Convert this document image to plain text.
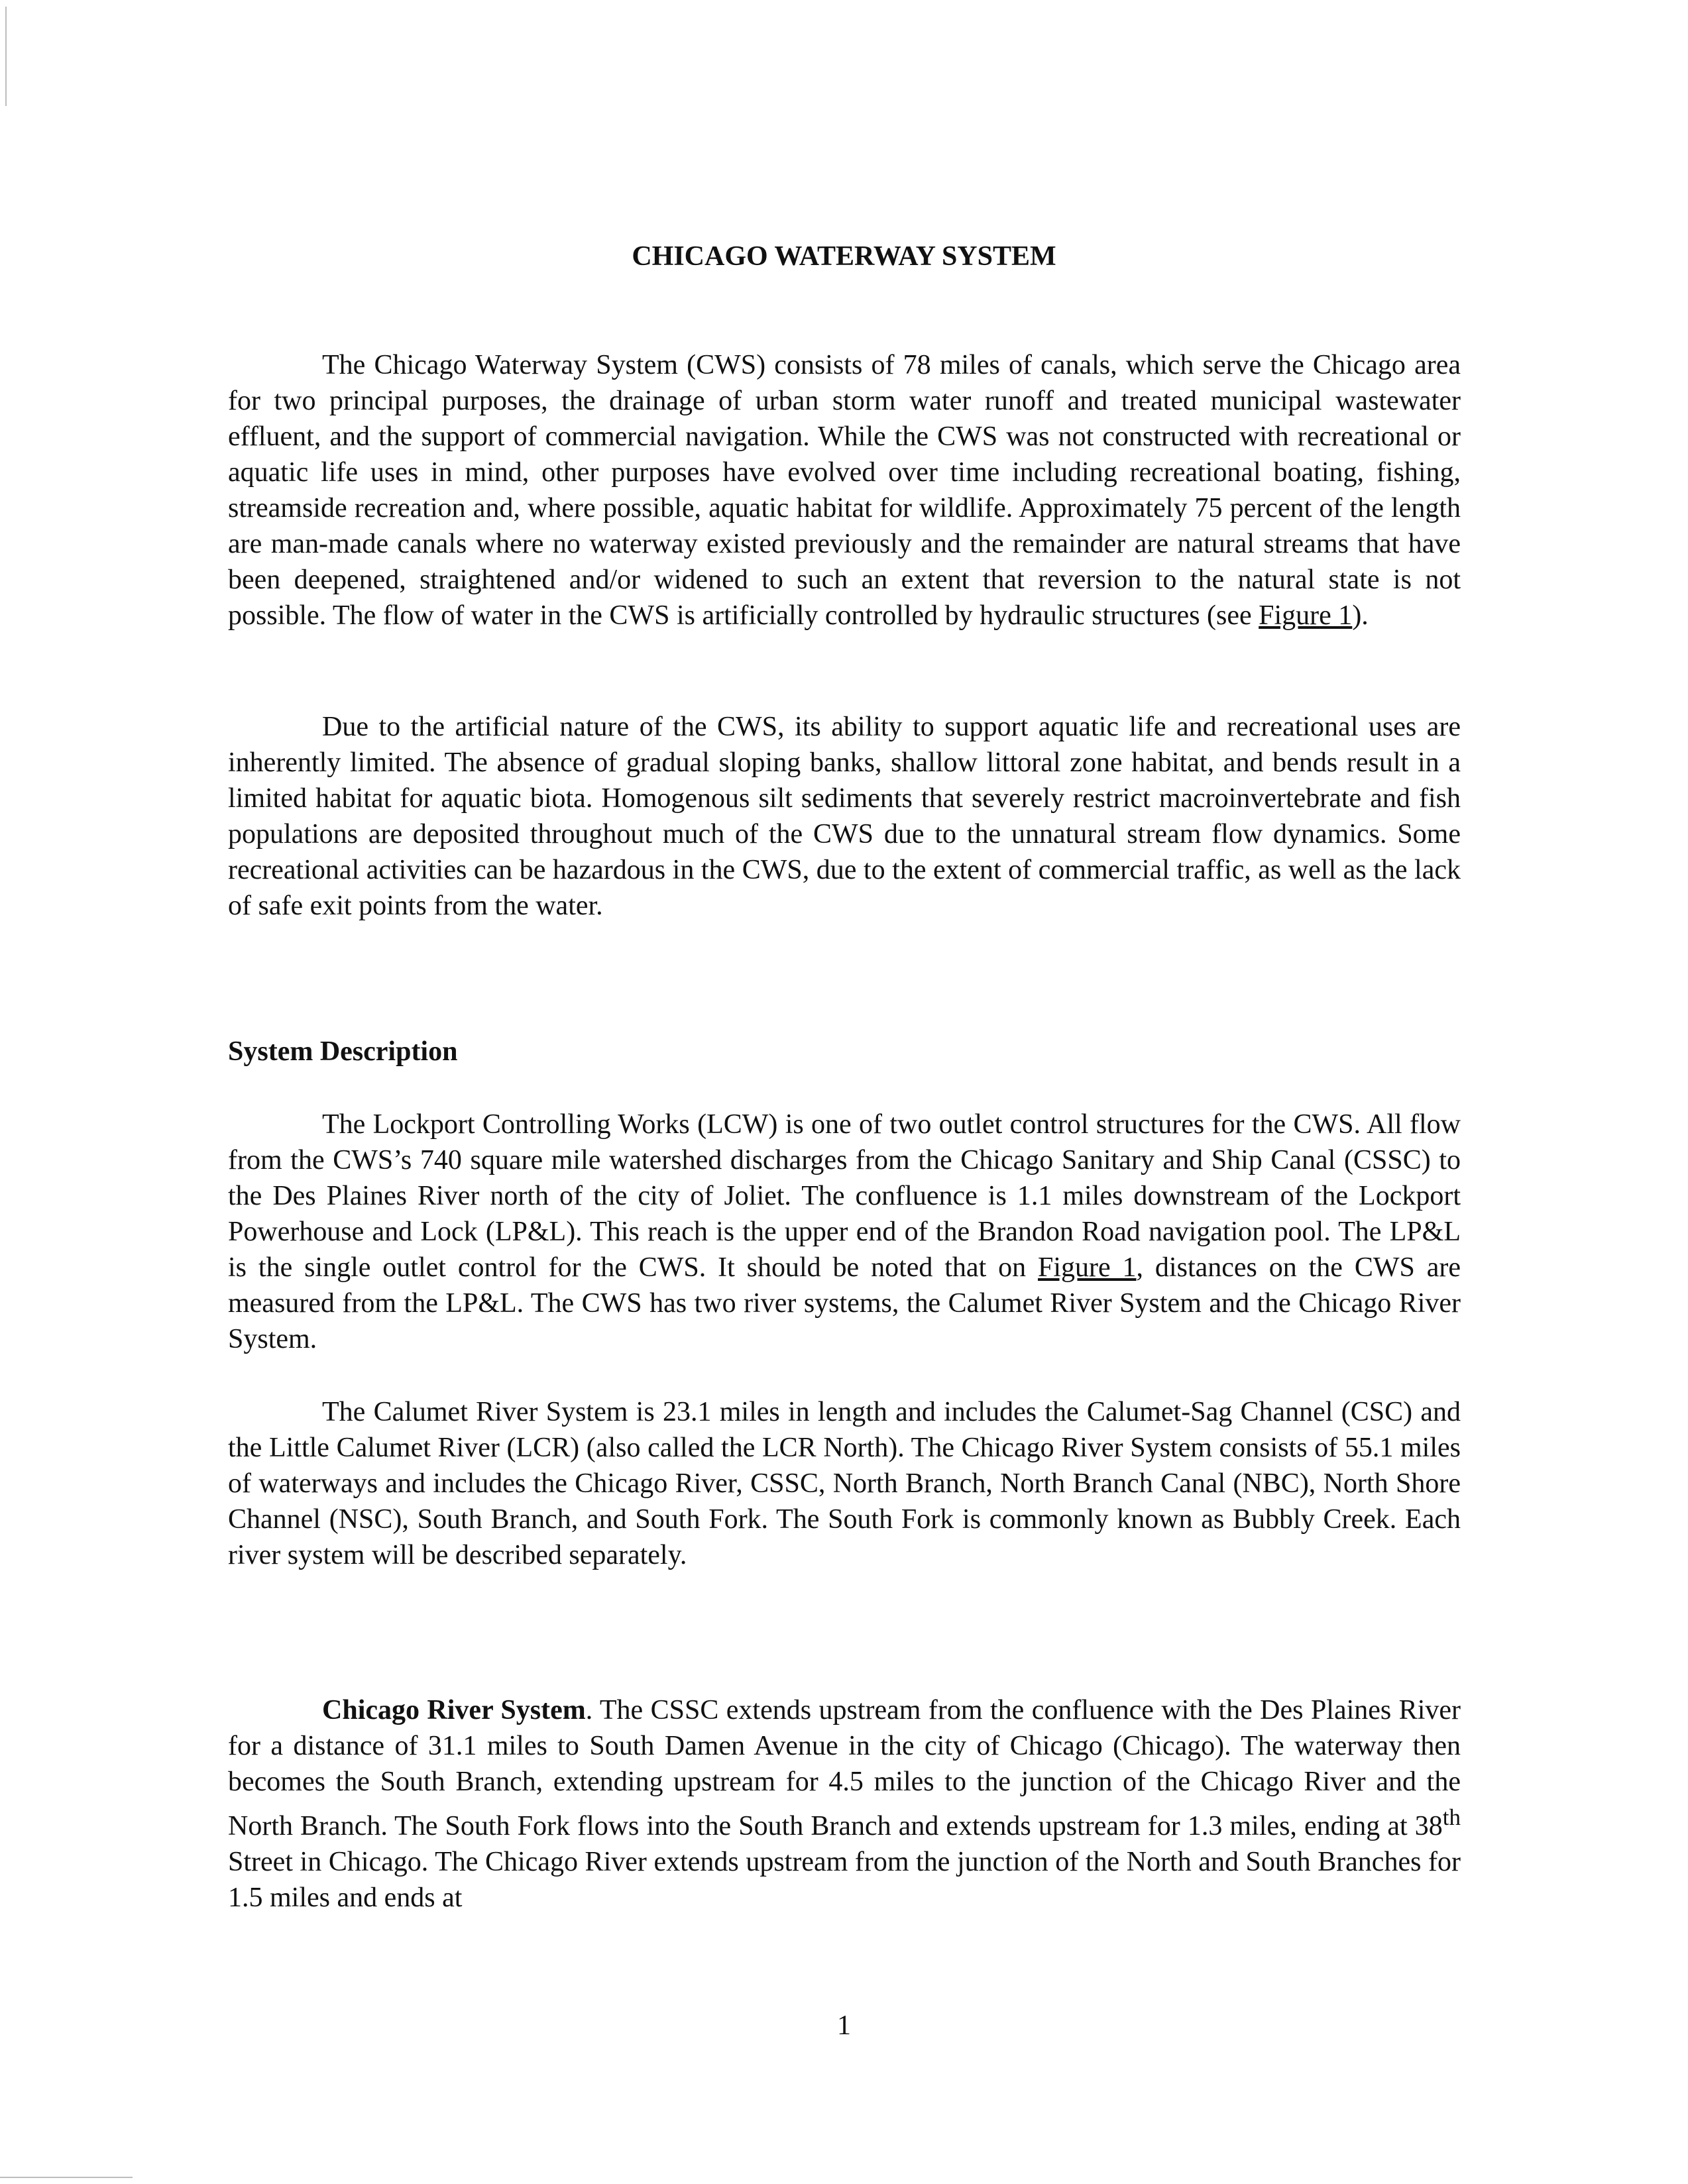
CHICAGO WATERWAY SYSTEM

The Chicago Waterway System (CWS) consists of 78 miles of canals, which serve the Chicago area for two principal purposes, the drainage of urban storm water runoff and treated municipal wastewater effluent, and the support of commercial navigation. While the CWS was not constructed with recreational or aquatic life uses in mind, other purposes have evolved over time including recreational boating, fishing, streamside recreation and, where possible, aquatic habitat for wildlife. Approximately 75 percent of the length are man-made canals where no waterway existed previously and the remainder are natural streams that have been deepened, straightened and/or widened to such an extent that reversion to the natural state is not possible. The flow of water in the CWS is artificially controlled by hydraulic structures (see Figure 1).

Due to the artificial nature of the CWS, its ability to support aquatic life and recreational uses are inherently limited. The absence of gradual sloping banks, shallow littoral zone habitat, and bends result in a limited habitat for aquatic biota. Homogenous silt sediments that severely restrict macroinvertebrate and fish populations are deposited throughout much of the CWS due to the unnatural stream flow dynamics. Some recreational activities can be hazardous in the CWS, due to the extent of commercial traffic, as well as the lack of safe exit points from the water.

System Description

The Lockport Controlling Works (LCW) is one of two outlet control structures for the CWS. All flow from the CWS’s 740 square mile watershed discharges from the Chicago Sanitary and Ship Canal (CSSC) to the Des Plaines River north of the city of Joliet. The confluence is 1.1 miles downstream of the Lockport Powerhouse and Lock (LP&L). This reach is the upper end of the Brandon Road navigation pool. The LP&L is the single outlet control for the CWS. It should be noted that on Figure 1, distances on the CWS are measured from the LP&L. The CWS has two river systems, the Calumet River System and the Chicago River System.

The Calumet River System is 23.1 miles in length and includes the Calumet-Sag Channel (CSC) and the Little Calumet River (LCR) (also called the LCR North). The Chicago River System consists of 55.1 miles of waterways and includes the Chicago River, CSSC, North Branch, North Branch Canal (NBC), North Shore Channel (NSC), South Branch, and South Fork. The South Fork is commonly known as Bubbly Creek. Each river system will be described separately.

Chicago River System. The CSSC extends upstream from the confluence with the Des Plaines River for a distance of 31.1 miles to South Damen Avenue in the city of Chicago (Chicago). The waterway then becomes the South Branch, extending upstream for 4.5 miles to the junction of the Chicago River and the North Branch. The South Fork flows into the South Branch and extends upstream for 1.3 miles, ending at 38th Street in Chicago. The Chicago River extends upstream from the junction of the North and South Branches for 1.5 miles and ends at

1
